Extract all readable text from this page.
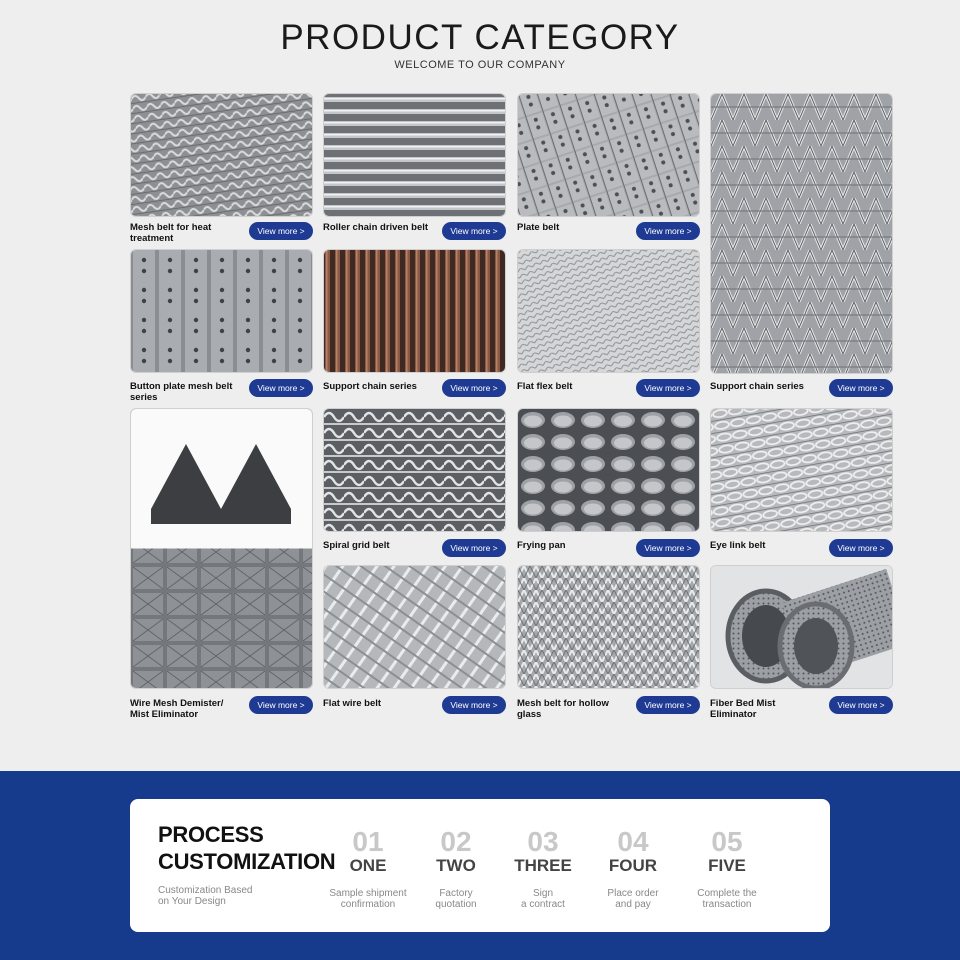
PRODUCT CATEGORY
WELCOME TO OUR COMPANY
Mesh belt for heat treatment
View more >	Roller chain driven belt	View more >	Plate belt	View more >
Support chain series	View more >
Button plate mesh belt series
View more >	Support chain series	View more >	Flat flex belt	View more >
Spiral grid belt	View more >	Frying pan	View more >	Eye link belt	View more >
Wire Mesh Demister/ Mist Eliminator
View more >	Flat wire belt	View more >	Mesh belt for hollow glass
View more >	Fiber Bed Mist Eliminator
View more >
PROCESS
CUSTOMIZATION
Customization Based
on Your Design
01
ONE
Sample shipment
confirmation
02
TWO
Factory
quotation
03
THREE
Sign
a contract
04
FOUR
Place order
and pay
05
FIVE
Complete the
transaction
